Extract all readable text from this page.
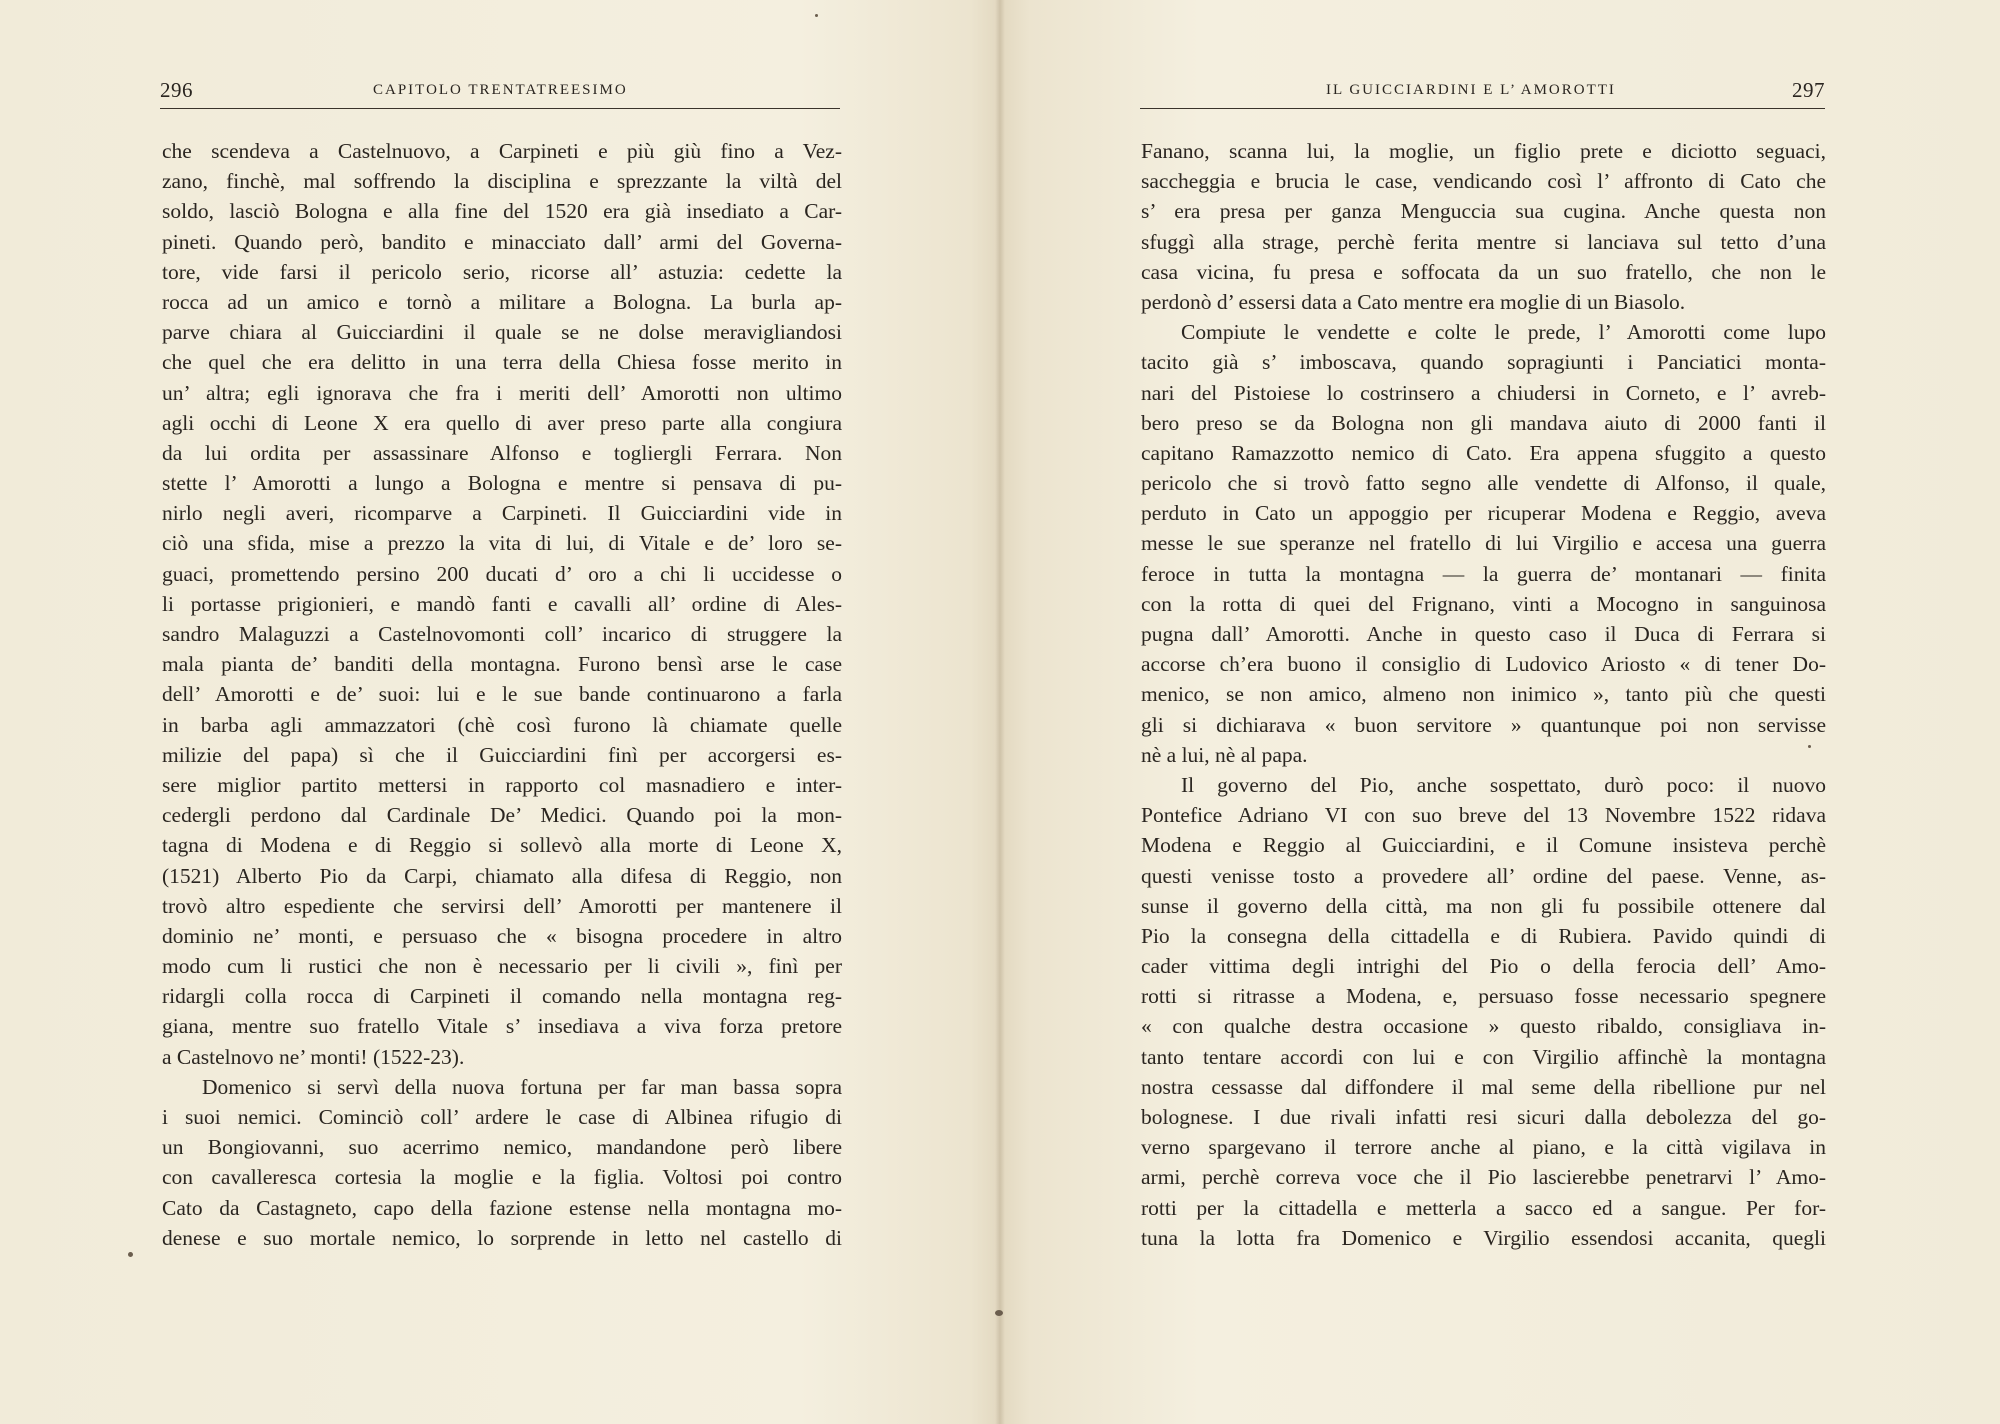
296	CAPITOLO TRENTATREESIMO
che scendeva a Castelnuovo, a Carpineti e più giù fino a Vez-
zano, finchè, mal soffrendo la disciplina e sprezzante la viltà del
soldo, lasciò Bologna e alla fine del 1520 era già insediato a Car-
pineti. Quando però, bandito e minacciato dall’ armi del Governa-
tore, vide farsi il pericolo serio, ricorse all’ astuzia: cedette la
rocca ad un amico e tornò a militare a Bologna. La burla ap-
parve chiara al Guicciardini il quale se ne dolse meravigliandosi
che quel che era delitto in una terra della Chiesa fosse merito in
un’ altra; egli ignorava che fra i meriti dell’ Amorotti non ultimo
agli occhi di Leone X era quello di aver preso parte alla congiura
da lui ordita per assassinare Alfonso e togliergli Ferrara. Non
stette l’ Amorotti a lungo a Bologna e mentre si pensava di pu-
nirlo negli averi, ricomparve a Carpineti. Il Guicciardini vide in
ciò una sfida, mise a prezzo la vita di lui, di Vitale e de’ loro se-
guaci, promettendo persino 200 ducati d’ oro a chi li uccidesse o
li portasse prigionieri, e mandò fanti e cavalli all’ ordine di Ales-
sandro Malaguzzi a Castelnovomonti coll’ incarico di struggere la
mala pianta de’ banditi della montagna. Furono bensì arse le case
dell’ Amorotti e de’ suoi: lui e le sue bande continuarono a farla
in barba agli ammazzatori (chè così furono là chiamate quelle
milizie del papa) sì che il Guicciardini finì per accorgersi es-
sere miglior partito mettersi in rapporto col masnadiero e inter-
cedergli perdono dal Cardinale De’ Medici. Quando poi la mon-
tagna di Modena e di Reggio si sollevò alla morte di Leone X,
(1521) Alberto Pio da Carpi, chiamato alla difesa di Reggio, non
trovò altro espediente che servirsi dell’ Amorotti per mantenere il
dominio ne’ monti, e persuaso che « bisogna procedere in altro
modo cum li rustici che non è necessario per li civili », finì per
ridargli colla rocca di Carpineti il comando nella montagna reg-
giana, mentre suo fratello Vitale s’ insediava a viva forza pretore
a Castelnovo ne’ monti! (1522-23).
Domenico si servì della nuova fortuna per far man bassa sopra
i suoi nemici. Cominciò coll’ ardere le case di Albinea rifugio di
un Bongiovanni, suo acerrimo nemico, mandandone però libere
con cavalleresca cortesia la moglie e la figlia. Voltosi poi contro
Cato da Castagneto, capo della fazione estense nella montagna mo-
denese e suo mortale nemico, lo sorprende in letto nel castello di
IL GUICCIARDINI E L’ AMOROTTI	297
Fanano, scanna lui, la moglie, un figlio prete e diciotto seguaci,
saccheggia e brucia le case, vendicando così l’ affronto di Cato che
s’ era presa per ganza Menguccia sua cugina. Anche questa non
sfuggì alla strage, perchè ferita mentre si lanciava sul tetto d’una
casa vicina, fu presa e soffocata da un suo fratello, che non le
perdonò d’ essersi data a Cato mentre era moglie di un Biasolo.
Compiute le vendette e colte le prede, l’ Amorotti come lupo
tacito già s’ imboscava, quando sopragiunti i Panciatici monta-
nari del Pistoiese lo costrinsero a chiudersi in Corneto, e l’ avreb-
bero preso se da Bologna non gli mandava aiuto di 2000 fanti il
capitano Ramazzotto nemico di Cato. Era appena sfuggito a questo
pericolo che si trovò fatto segno alle vendette di Alfonso, il quale,
perduto in Cato un appoggio per ricuperar Modena e Reggio, aveva
messe le sue speranze nel fratello di lui Virgilio e accesa una guerra
feroce in tutta la montagna — la guerra de’ montanari — finita
con la rotta di quei del Frignano, vinti a Mocogno in sanguinosa
pugna dall’ Amorotti. Anche in questo caso il Duca di Ferrara si
accorse ch’era buono il consiglio di Ludovico Ariosto « di tener Do-
menico, se non amico, almeno non inimico », tanto più che questi
gli si dichiarava « buon servitore » quantunque poi non servisse
nè a lui, nè al papa.
Il governo del Pio, anche sospettato, durò poco: il nuovo
Pontefice Adriano VI con suo breve del 13 Novembre 1522 ridava
Modena e Reggio al Guicciardini, e il Comune insisteva perchè
questi venisse tosto a provedere all’ ordine del paese. Venne, as-
sunse il governo della città, ma non gli fu possibile ottenere dal
Pio la consegna della cittadella e di Rubiera. Pavido quindi di
cader vittima degli intrighi del Pio o della ferocia dell’ Amo-
rotti si ritrasse a Modena, e, persuaso fosse necessario spegnere
« con qualche destra occasione » questo ribaldo, consigliava in-
tanto tentare accordi con lui e con Virgilio affinchè la montagna
nostra cessasse dal diffondere il mal seme della ribellione pur nel
bolognese. I due rivali infatti resi sicuri dalla debolezza del go-
verno spargevano il terrore anche al piano, e la città vigilava in
armi, perchè correva voce che il Pio lascierebbe penetrarvi l’ Amo-
rotti per la cittadella e metterla a sacco ed a sangue. Per for-
tuna la lotta fra Domenico e Virgilio essendosi accanita, quegli
